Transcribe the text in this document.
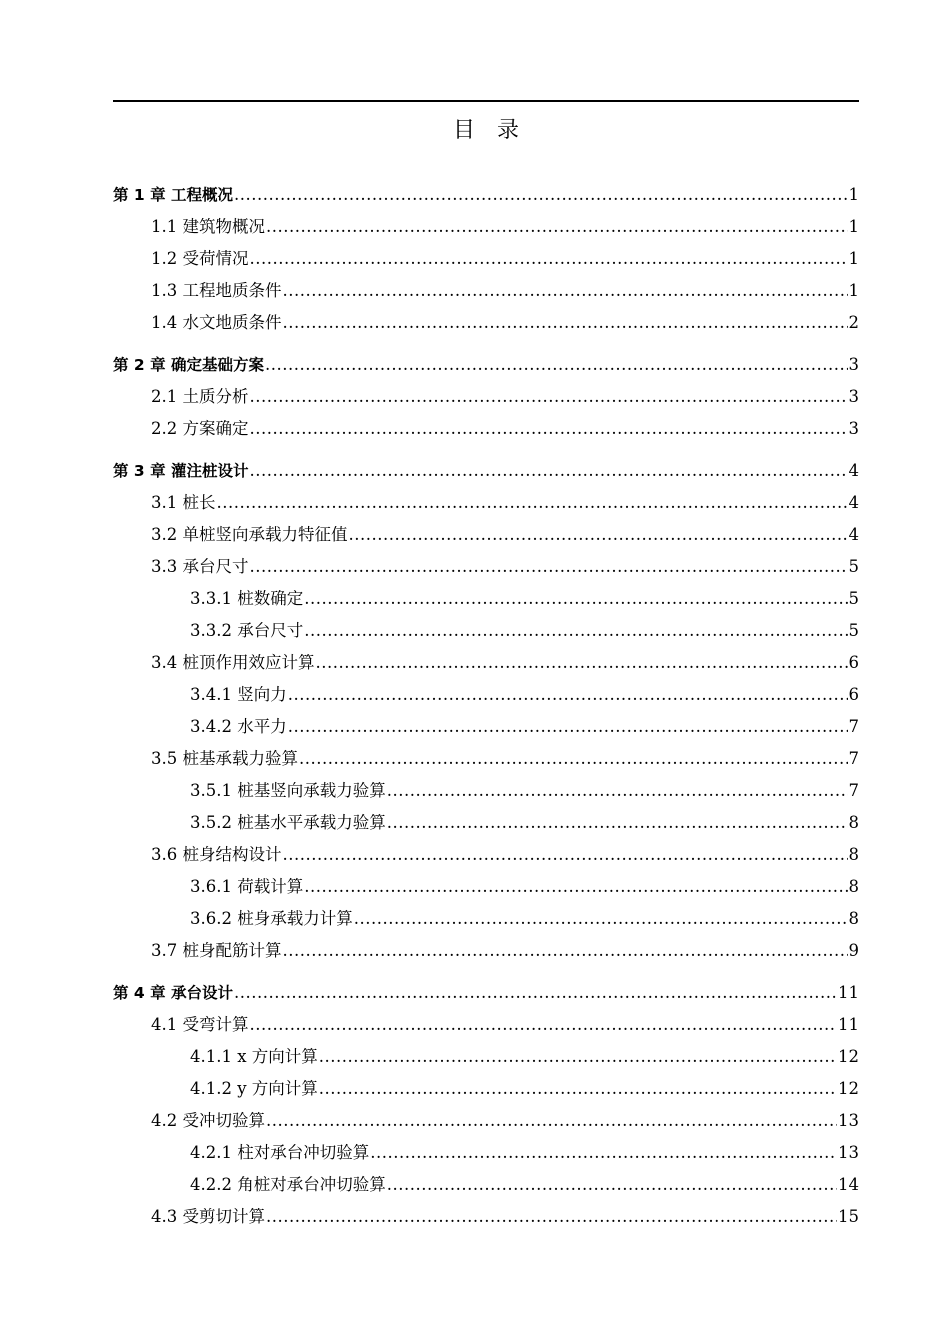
目　录
第 1 章 工程概况 .....	1
1.1 建筑物概况 .....	1
1.2 受荷情况 .....	1
1.3 工程地质条件 .....	1
1.4 水文地质条件 .....	2
第 2 章 确定基础方案 .....	3
2.1 土质分析 .....	3
2.2 方案确定 .....	3
第 3 章 灌注桩设计 .....	4
3.1 桩长 .....	4
3.2 单桩竖向承载力特征值 .....	4
3.3 承台尺寸 .....	5
3.3.1 桩数确定 .....	5
3.3.2 承台尺寸 .....	5
3.4 桩顶作用效应计算 .....	6
3.4.1 竖向力 .....	6
3.4.2 水平力 .....	7
3.5 桩基承载力验算 .....	7
3.5.1 桩基竖向承载力验算 .....	7
3.5.2 桩基水平承载力验算 .....	8
3.6 桩身结构设计 .....	8
3.6.1 荷载计算 .....	8
3.6.2 桩身承载力计算 .....	8
3.7 桩身配筋计算 .....	9
第 4 章 承台设计 .....	11
4.1 受弯计算 .....	11
4.1.1 x 方向计算 .....	12
4.1.2 y 方向计算 .....	12
4.2 受冲切验算 .....	13
4.2.1 柱对承台冲切验算 .....	13
4.2.2 角桩对承台冲切验算 .....	14
4.3 受剪切计算 .....	15
